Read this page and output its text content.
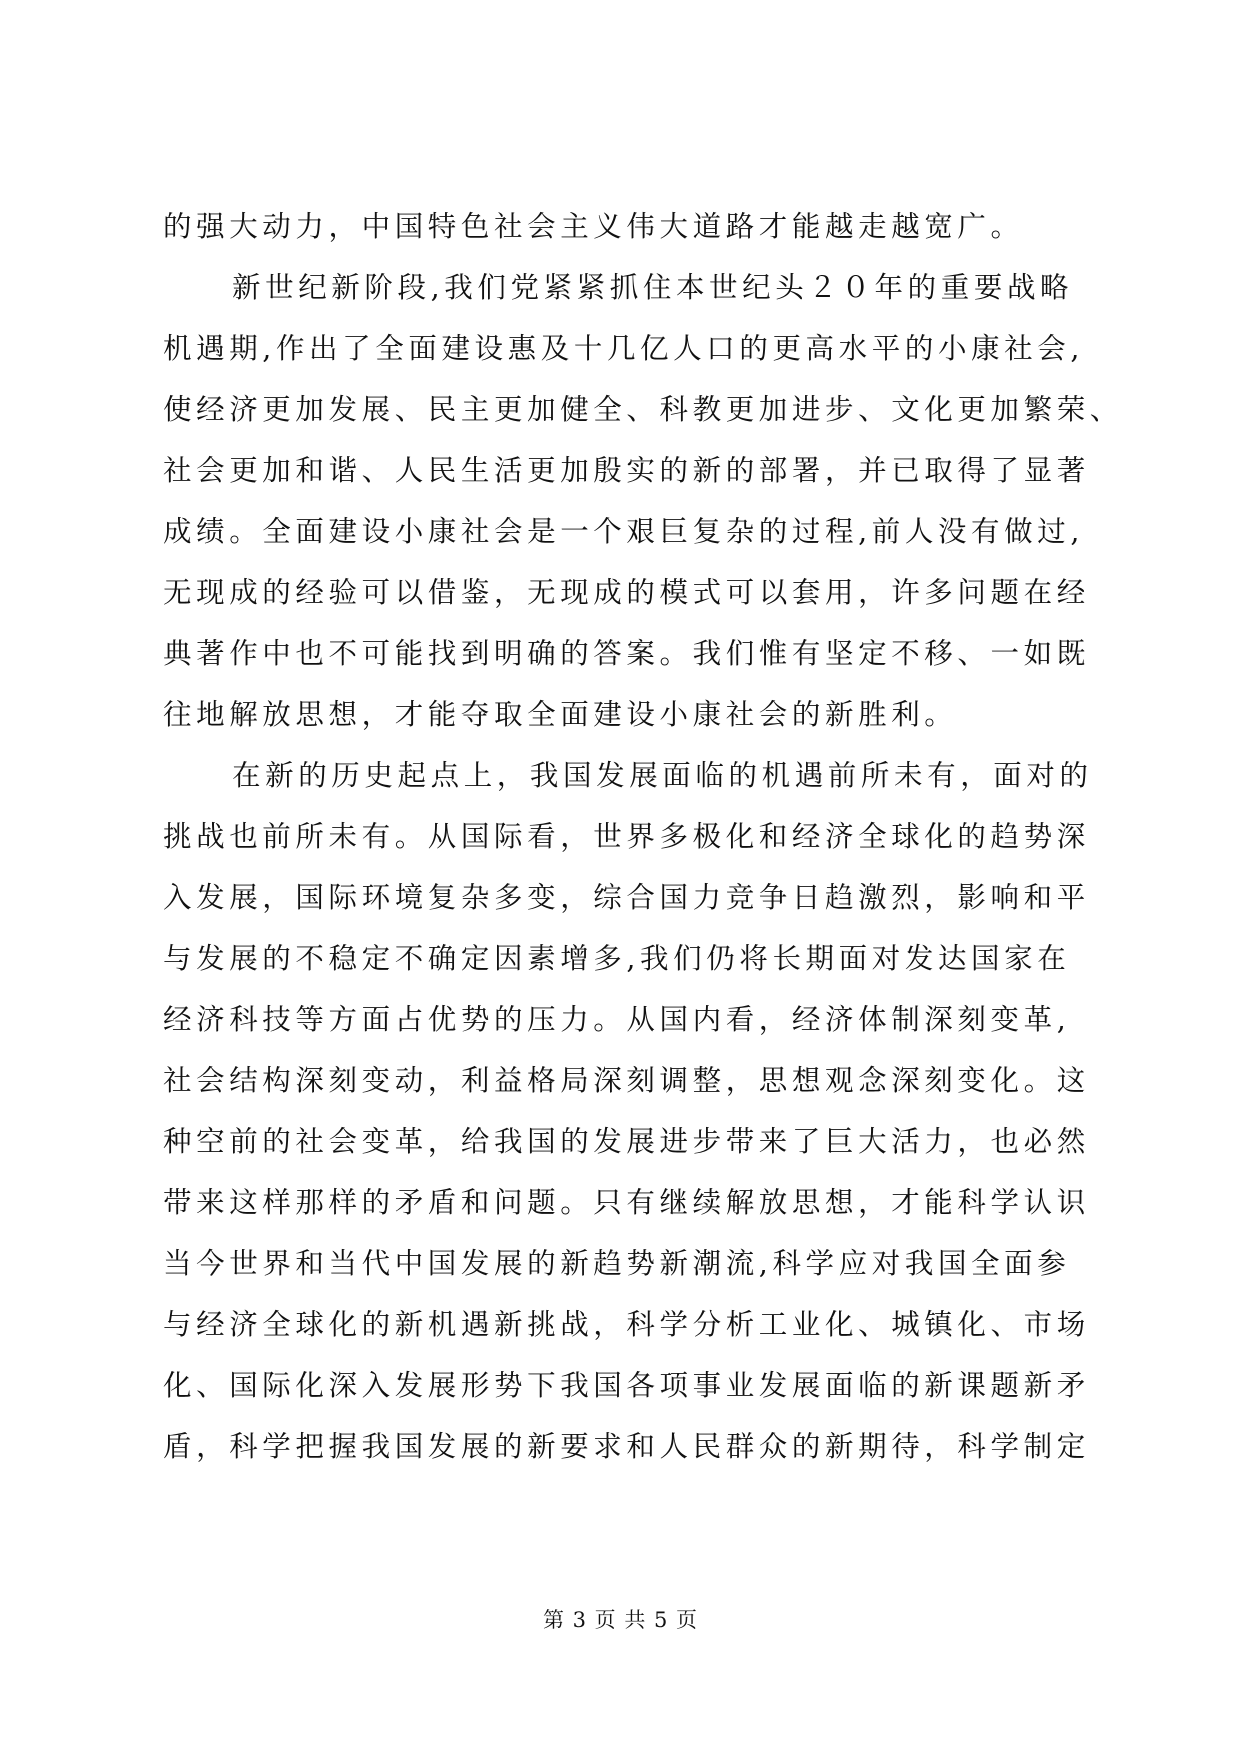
的强大动力，中国特色社会主义伟大道路才能越走越宽广。
新世纪新阶段,我们党紧紧抓住本世纪头２０年的重要战略
机遇期,作出了全面建设惠及十几亿人口的更高水平的小康社会,
使经济更加发展、民主更加健全、科教更加进步、文化更加繁荣、
社会更加和谐、人民生活更加殷实的新的部署，并已取得了显著
成绩。全面建设小康社会是一个艰巨复杂的过程,前人没有做过,
无现成的经验可以借鉴，无现成的模式可以套用，许多问题在经
典著作中也不可能找到明确的答案。我们惟有坚定不移、一如既
往地解放思想，才能夺取全面建设小康社会的新胜利。
在新的历史起点上，我国发展面临的机遇前所未有，面对的
挑战也前所未有。从国际看，世界多极化和经济全球化的趋势深
入发展，国际环境复杂多变，综合国力竞争日趋激烈，影响和平
与发展的不稳定不确定因素增多,我们仍将长期面对发达国家在
经济科技等方面占优势的压力。从国内看，经济体制深刻变革,
社会结构深刻变动，利益格局深刻调整，思想观念深刻变化。这
种空前的社会变革，给我国的发展进步带来了巨大活力，也必然
带来这样那样的矛盾和问题。只有继续解放思想，才能科学认识
当今世界和当代中国发展的新趋势新潮流,科学应对我国全面参
与经济全球化的新机遇新挑战，科学分析工业化、城镇化、市场
化、国际化深入发展形势下我国各项事业发展面临的新课题新矛
盾，科学把握我国发展的新要求和人民群众的新期待，科学制定
第 3 页 共 5 页
